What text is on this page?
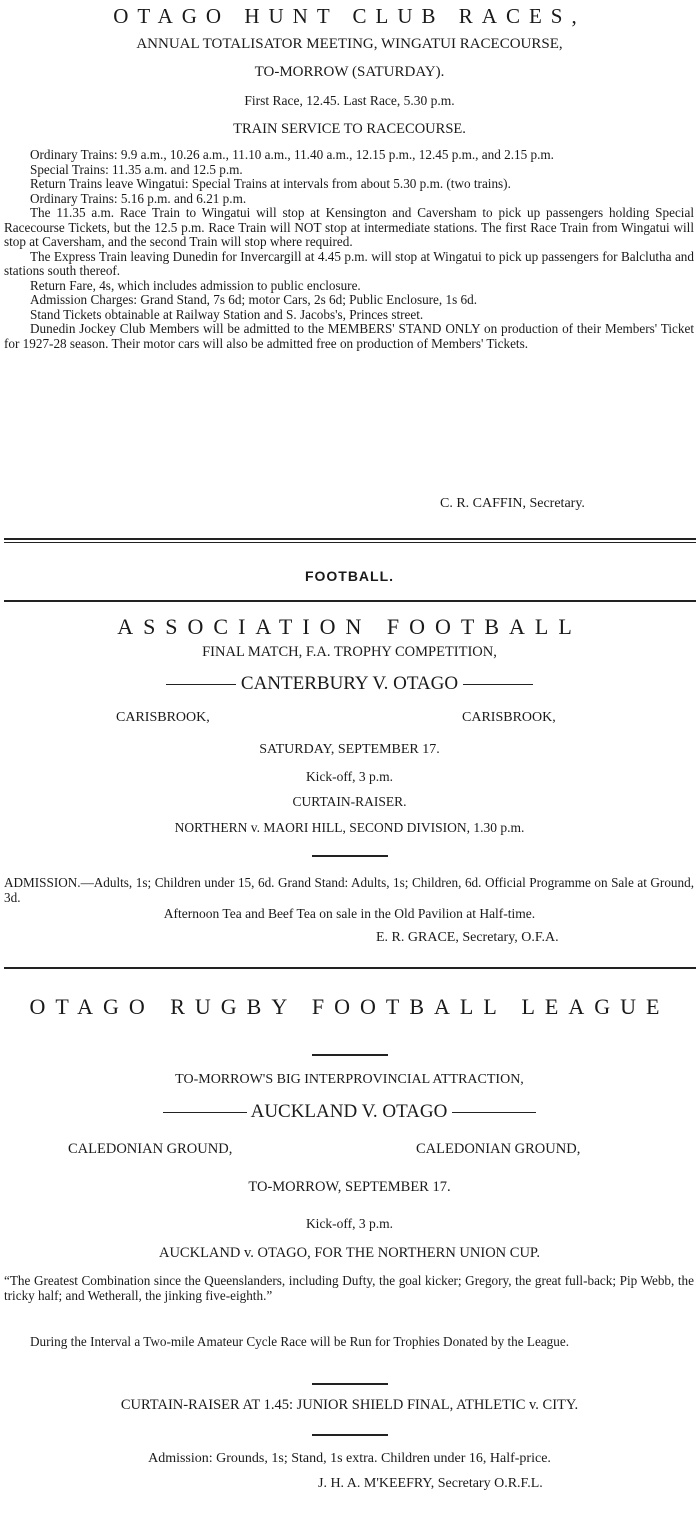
OTAGO HUNT CLUB RACES,
ANNUAL TOTALISATOR MEETING, WINGATUI RACECOURSE,
TO-MORROW (SATURDAY).
First Race, 12.45. Last Race, 5.30 p.m.
TRAIN SERVICE TO RACECOURSE.
Ordinary Trains: 9.9 a.m., 10.26 a.m., 11.10 a.m., 11.40 a.m., 12.15 p.m., 12.45 p.m., and 2.15 p.m.
Special Trains: 11.35 a.m. and 12.5 p.m.
Return Trains leave Wingatui: Special Trains at intervals from about 5.30 p.m. (two trains).
Ordinary Trains: 5.16 p.m. and 6.21 p.m.
The 11.35 a.m. Race Train to Wingatui will stop at Kensington and Caversham to pick up passengers holding Special Racecourse Tickets, but the 12.5 p.m. Race Train will NOT stop at intermediate stations. The first Race Train from Wingatui will stop at Caversham, and the second Train will stop where required.
The Express Train leaving Dunedin for Invercargill at 4.45 p.m. will stop at Wingatui to pick up passengers for Balclutha and stations south thereof.
Return Fare, 4s, which includes admission to public enclosure.
Admission Charges: Grand Stand, 7s 6d; motor Cars, 2s 6d; Public Enclosure, 1s 6d.
Stand Tickets obtainable at Railway Station and S. Jacobs's, Princes street.
Dunedin Jockey Club Members will be admitted to the MEMBERS' STAND ONLY on production of their Members' Ticket for 1927-28 season. Their motor cars will also be admitted free on production of Members' Tickets.
C. R. CAFFIN, Secretary.
FOOTBALL.
ASSOCIATION FOOTBALL
FINAL MATCH, F.A. TROPHY COMPETITION,
CANTERBURY V. OTAGO
CARISBROOK,	CARISBROOK,
SATURDAY, SEPTEMBER 17.
Kick-off, 3 p.m.
CURTAIN-RAISER.
NORTHERN v. MAORI HILL, SECOND DIVISION, 1.30 p.m.
ADMISSION.—Adults, 1s; Children under 15, 6d. Grand Stand: Adults, 1s; Children, 6d. Official Programme on Sale at Ground, 3d.
Afternoon Tea and Beef Tea on sale in the Old Pavilion at Half-time.
E. R. GRACE, Secretary, O.F.A.
OTAGO RUGBY FOOTBALL LEAGUE
TO-MORROW'S BIG INTERPROVINCIAL ATTRACTION,
AUCKLAND V. OTAGO
CALEDONIAN GROUND,	CALEDONIAN GROUND,
TO-MORROW, SEPTEMBER 17.
Kick-off, 3 p.m.
AUCKLAND v. OTAGO, FOR THE NORTHERN UNION CUP.
“The Greatest Combination since the Queenslanders, including Dufty, the goal kicker; Gregory, the great full-back; Pip Webb, the tricky half; and Wetherall, the jinking five-eighth.”
During the Interval a Two-mile Amateur Cycle Race will be Run for Trophies Donated by the League.
CURTAIN-RAISER AT 1.45: JUNIOR SHIELD FINAL, ATHLETIC v. CITY.
Admission: Grounds, 1s; Stand, 1s extra. Children under 16, Half-price.
J. H. A. M'KEEFRY, Secretary O.R.F.L.
